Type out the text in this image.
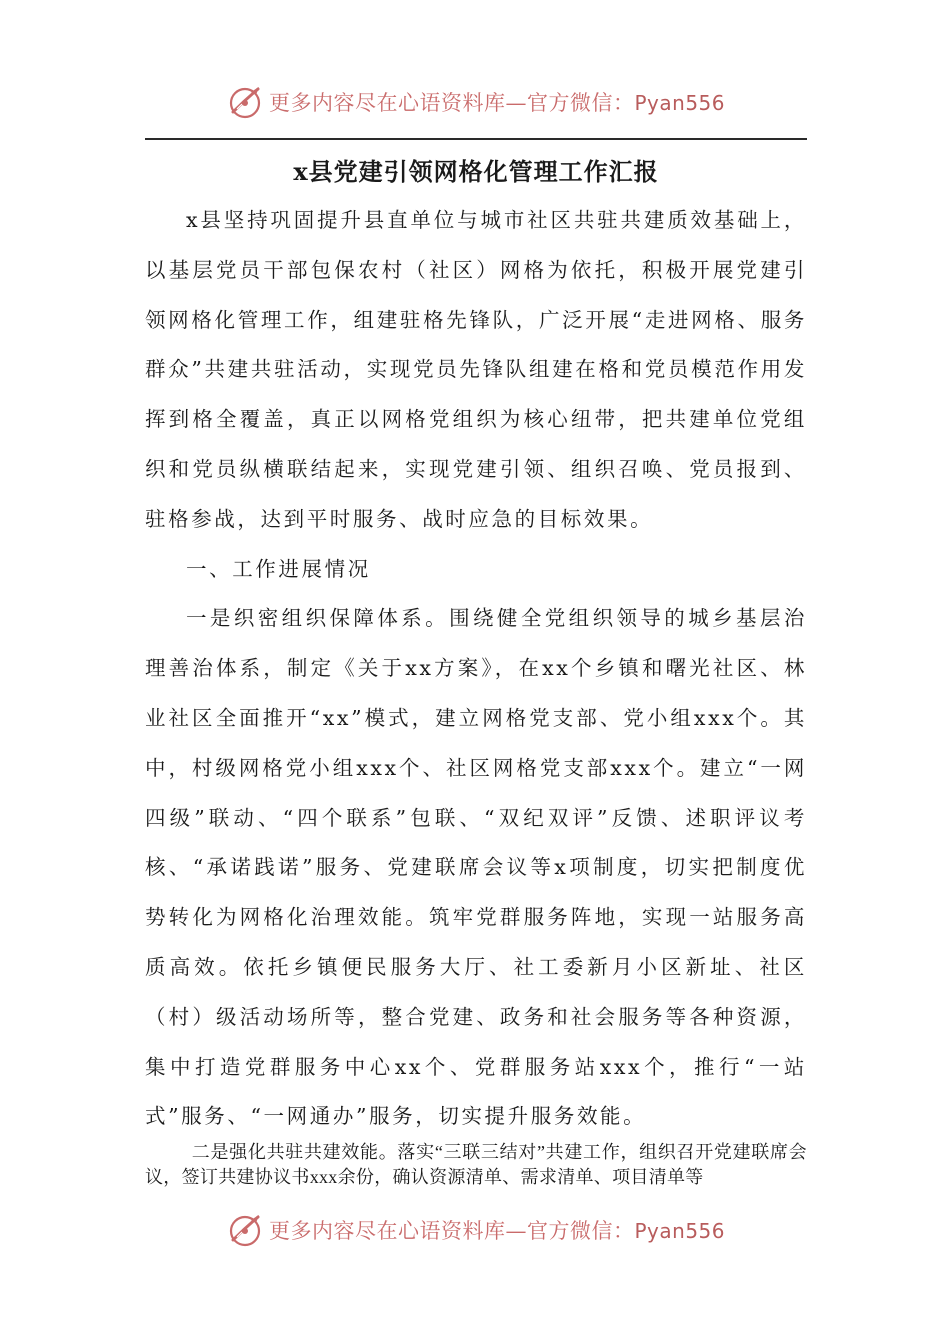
更多内容尽在心语资料库—官方微信：Pyan556
x县党建引领网格化管理工作汇报

x县坚持巩固提升县直单位与城市社区共驻共建质效基础上，以基层党员干部包保农村（社区）网格为依托，积极开展党建引领网格化管理工作，组建驻格先锋队，广泛开展“走进网格、服务群众”共建共驻活动，实现党员先锋队组建在格和党员模范作用发挥到格全覆盖，真正以网格党组织为核心纽带，把共建单位党组织和党员纵横联结起来，实现党建引领、组织召唤、党员报到、驻格参战，达到平时服务、战时应急的目标效果。

一、工作进展情况

一是织密组织保障体系。围绕健全党组织领导的城乡基层治理善治体系，制定《关于xx方案》，在xx个乡镇和曙光社区、林业社区全面推开“xx”模式，建立网格党支部、党小组xxx个。其中，村级网格党小组xxx个、社区网格党支部xxx个。建立“一网四级”联动、“四个联系”包联、“双纪双评”反馈、述职评议考核、“承诺践诺”服务、党建联席会议等x项制度，切实把制度优势转化为网格化治理效能。筑牢党群服务阵地，实现一站服务高质高效。依托乡镇便民服务大厅、社工委新月小区新址、社区（村）级活动场所等，整合党建、政务和社会服务等各种资源，集中打造党群服务中心xx个、党群服务站xxx个，推行“一站式”服务、“一网通办”服务，切实提升服务效能。

二是强化共驻共建效能。落实“三联三结对”共建工作，组织召开党建联席会议，签订共建协议书xxx余份，确认资源清单、需求清单、项目清单等

更多内容尽在心语资料库—官方微信：Pyan556
